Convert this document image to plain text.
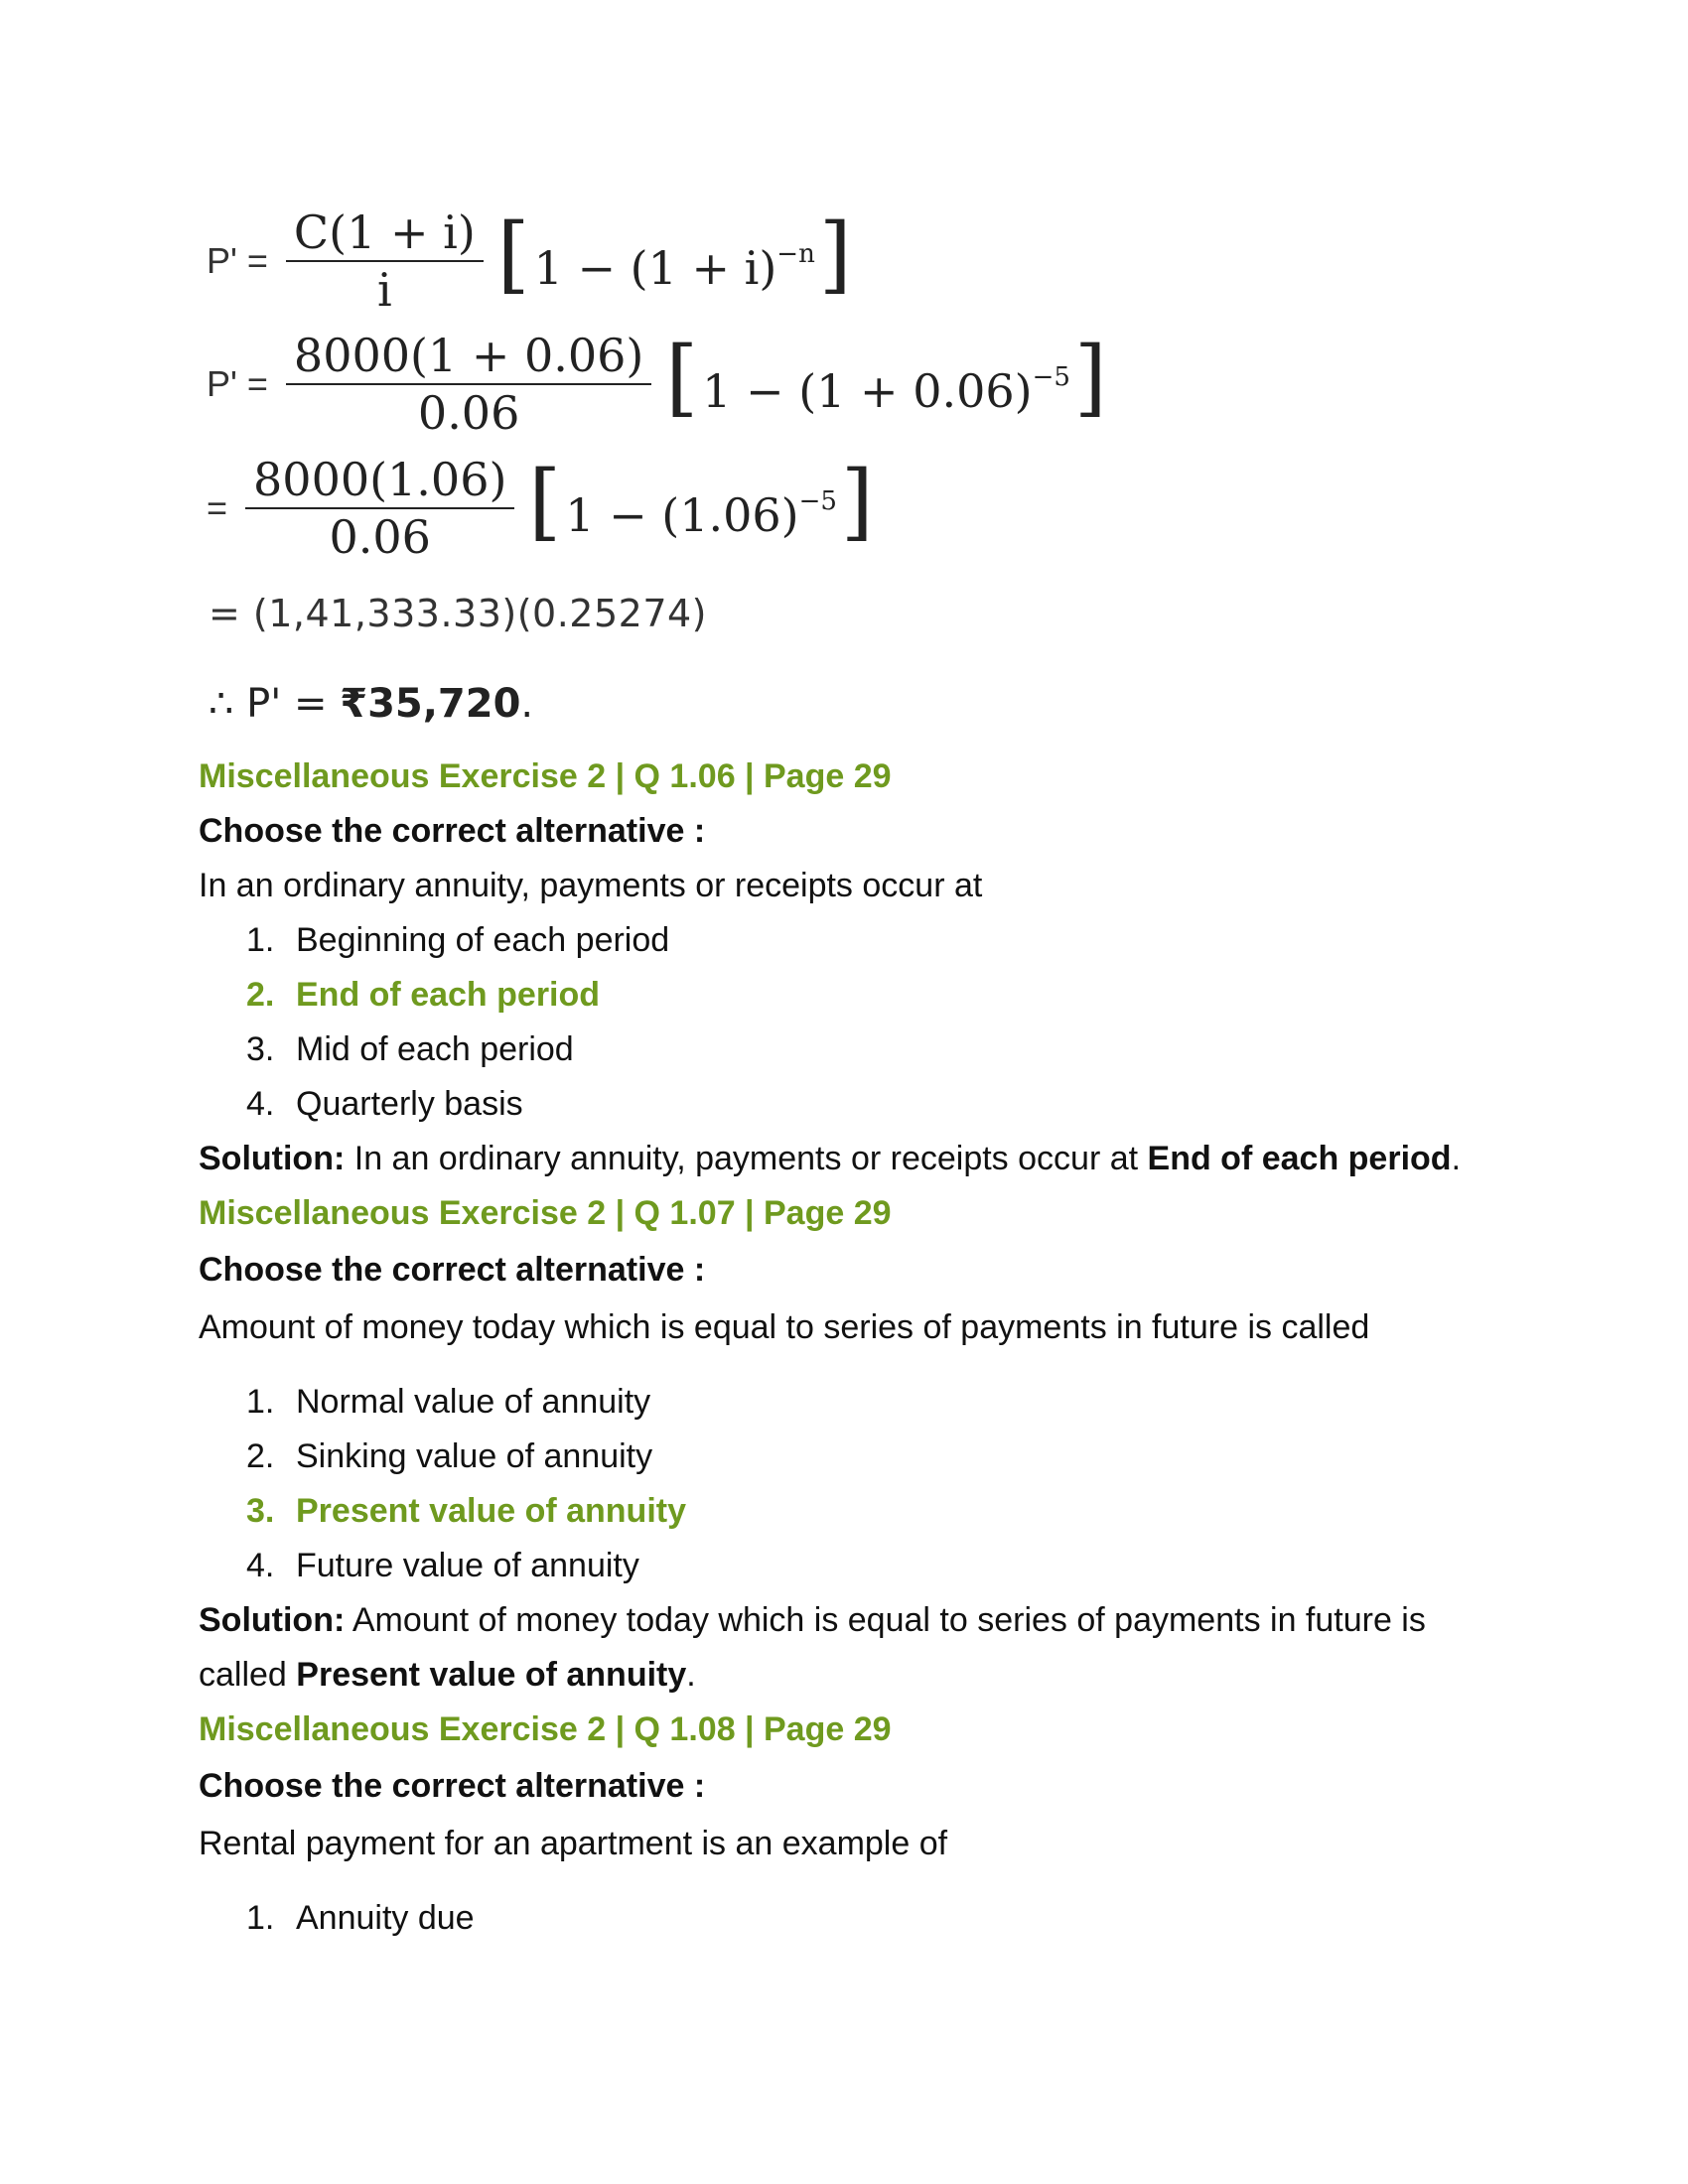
$P' = \frac{C(1 + i)}{i}$ [ $1 - (1 + i)^{-n}$ ]
$P' = \frac{8000(1 + 0.06)}{0.06}$ [ $1 - (1 + 0.06)^{-5}$ ]
= $\frac{8000(1.06)}{0.06}$ [ $1 - (1.06)^{-5}$ ]
= (1,41,333.33)(0.25274)
∴ P' = ₹35,720.
Miscellaneous Exercise 2 | Q 1.06 | Page 29
Choose the correct alternative :
In an ordinary annuity, payments or receipts occur at
1. Beginning of each period
2. End of each period
3. Mid of each period
4. Quarterly basis
Solution: In an ordinary annuity, payments or receipts occur at End of each period.
Miscellaneous Exercise 2 | Q 1.07 | Page 29
Choose the correct alternative :
Amount of money today which is equal to series of payments in future is called
1. Normal value of annuity
2. Sinking value of annuity
3. Present value of annuity
4. Future value of annuity
Solution: Amount of money today which is equal to series of payments in future is
called Present value of annuity.
Miscellaneous Exercise 2 | Q 1.08 | Page 29
Choose the correct alternative :
Rental payment for an apartment is an example of
1. Annuity due
